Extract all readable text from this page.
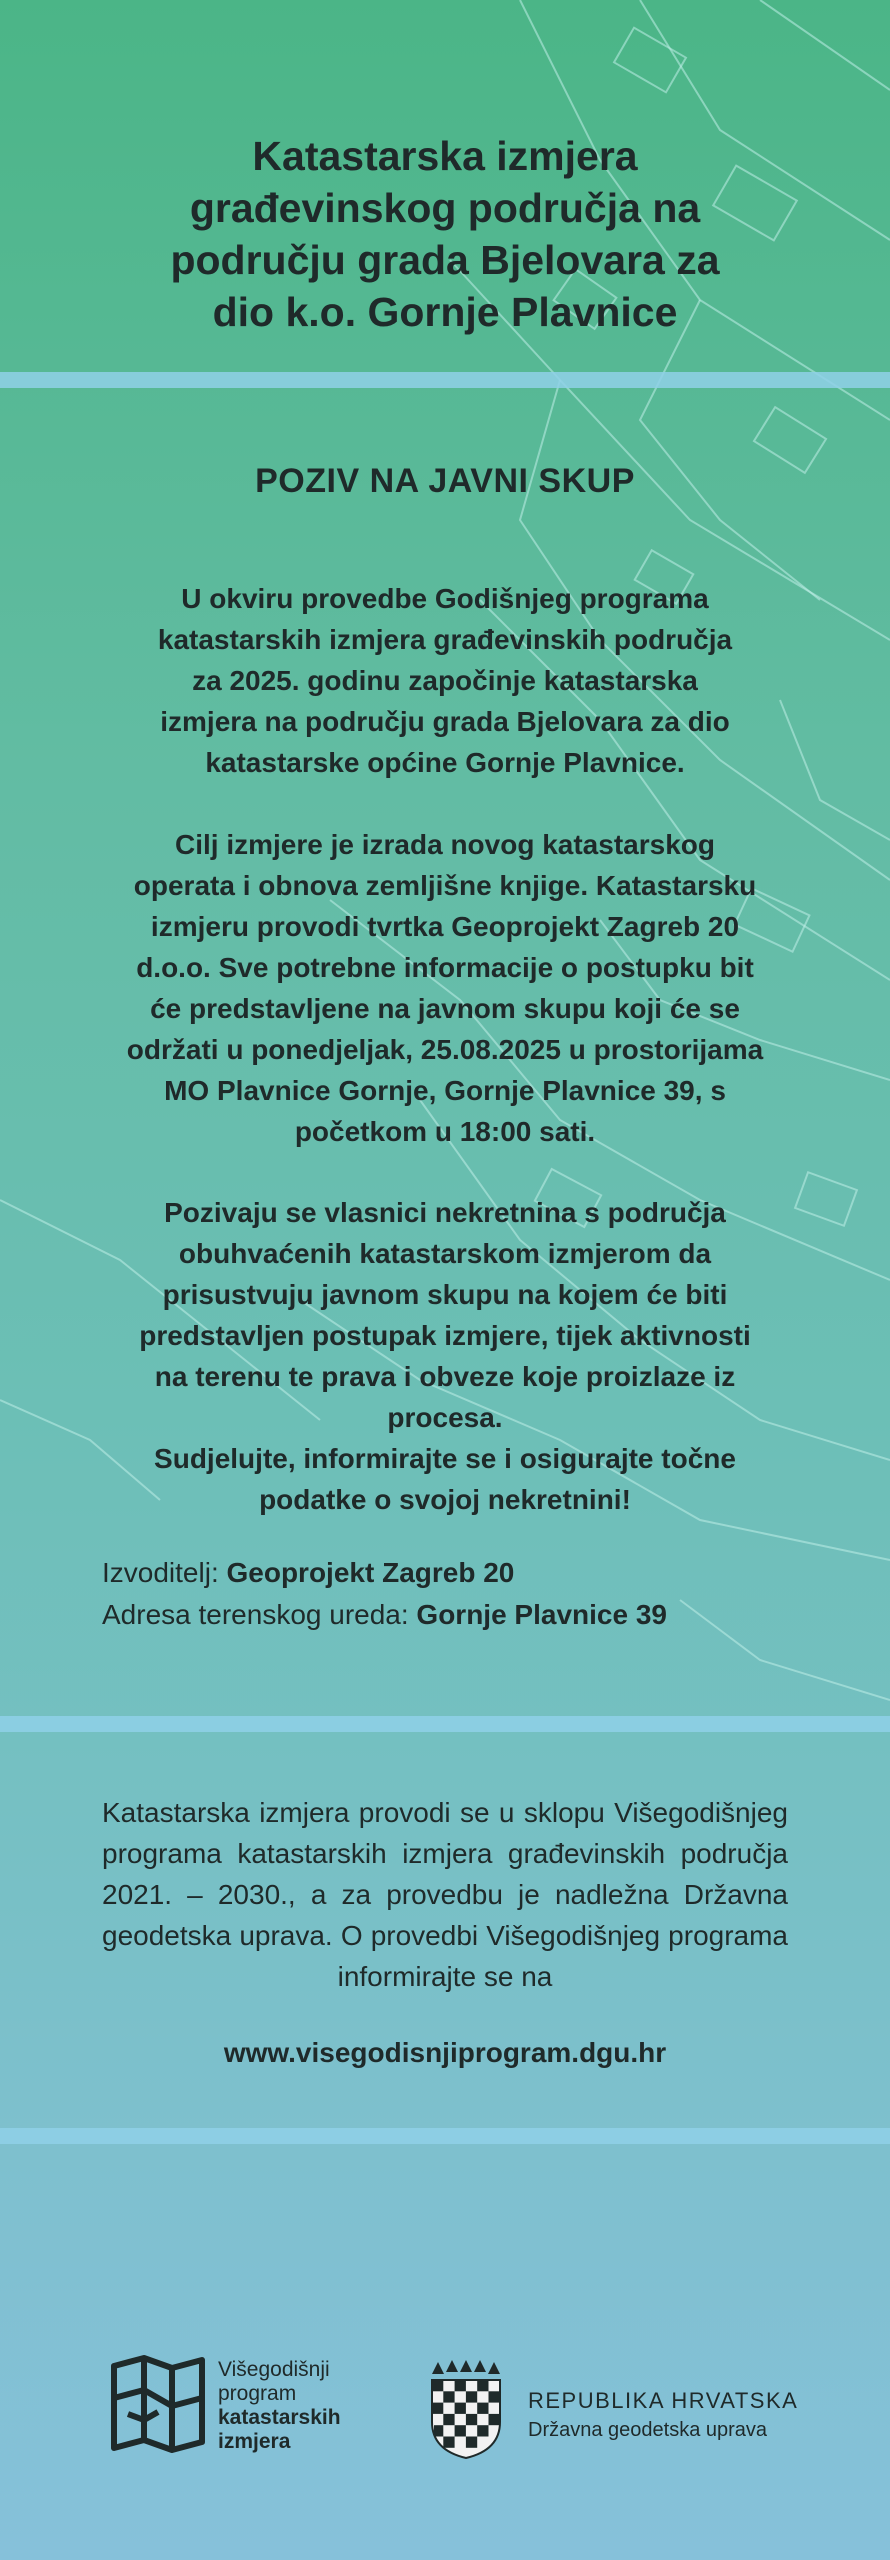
Katastarska izmjera
građevinskog područja na
području grada Bjelovara za
dio k.o. Gornje Plavnice
POZIV NA JAVNI SKUP
U okviru provedbe Godišnjeg programa
katastarskih izmjera građevinskih područja
za 2025. godinu započinje katastarska
izmjera na području grada Bjelovara za dio
katastarske općine Gornje Plavnice.
Cilj izmjere je izrada novog katastarskog
operata i obnova zemljišne knjige. Katastarsku
izmjeru provodi tvrtka Geoprojekt Zagreb 20
d.o.o. Sve potrebne informacije o postupku bit
će predstavljene na javnom skupu koji će se
održati u ponedjeljak, 25.08.2025 u prostorijama
MO Plavnice Gornje, Gornje Plavnice 39, s
početkom u 18:00 sati.
Pozivaju se vlasnici nekretnina s područja
obuhvaćenih katastarskom izmjerom da
prisustvuju javnom skupu na kojem će biti
predstavljen postupak izmjere, tijek aktivnosti
na terenu te prava i obveze koje proizlaze iz
procesa.
Sudjelujte, informirajte se i osigurajte točne
podatke o svojoj nekretnini!
Izvoditelj: Geoprojekt Zagreb 20
Adresa terenskog ureda: Gornje Plavnice 39
Katastarska izmjera provodi se u sklopu Višegodišnjeg programa katastarskih izmjera građevinskih područja 2021. – 2030., a za provedbu je nadležna Državna geodetska uprava. O provedbi Višegodišnjeg programa informirajte se na
www.visegodisnjiprogram.dgu.hr
Višegodišnji
program
katastarskih
izmjera
REPUBLIKA HRVATSKA
Državna geodetska uprava
